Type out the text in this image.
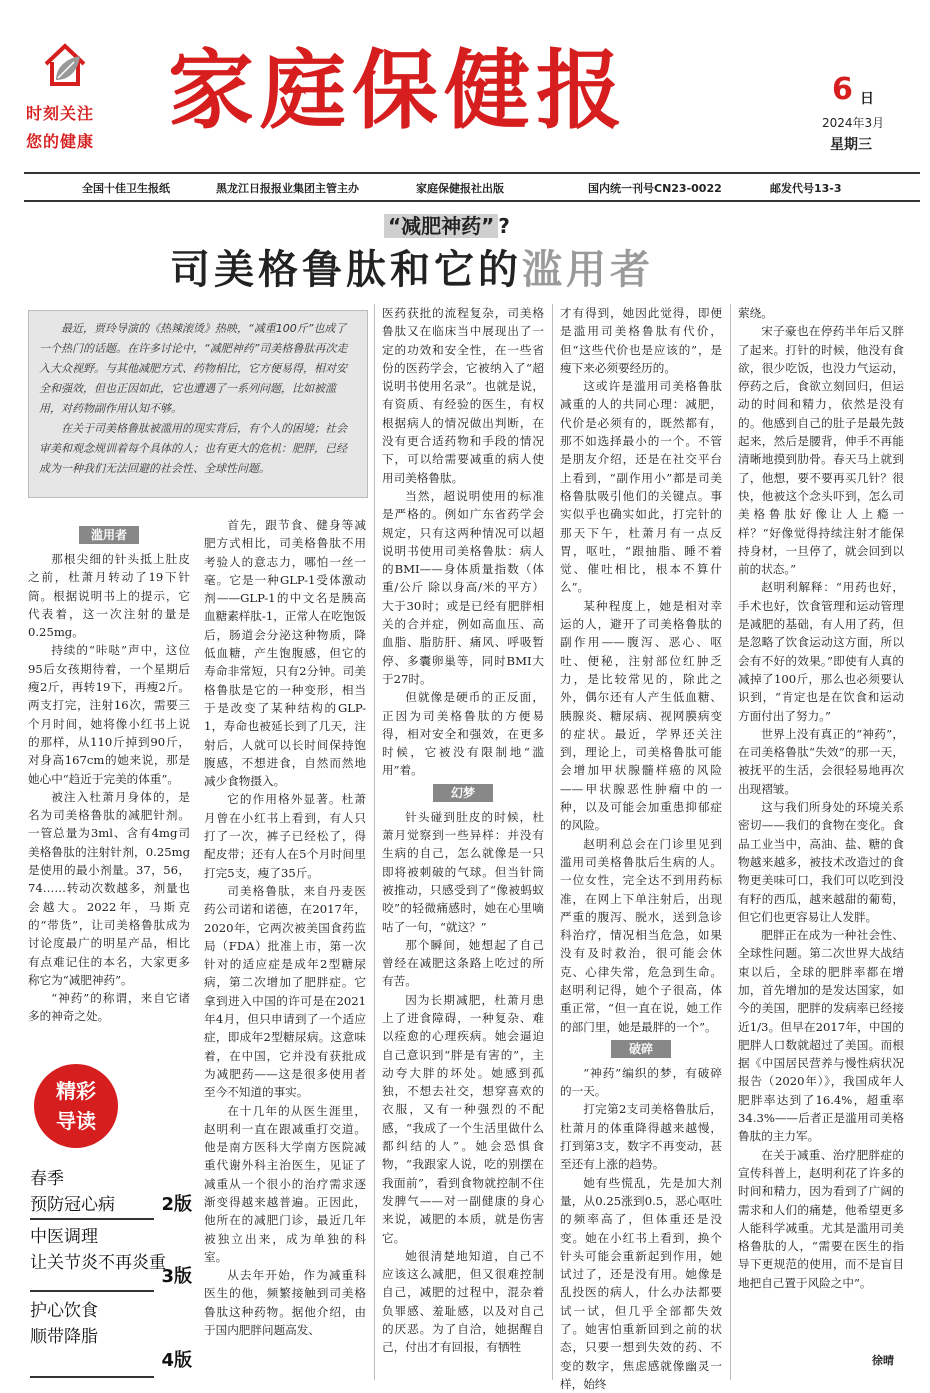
时刻关注
您的健康
家庭保健报	6 日
2024年3月
星期三
全国十佳卫生报纸	黑龙江日报报业集团主管主办	家庭保健报社出版	国内统一刊号CN23-0022	邮发代号13-3
“减肥神药” ?
司美格鲁肽和它的滥用者

最近，贾玲导演的《热辣滚烫》热映，“减重100斤”也成了一个热门的话题。在许多讨论中，“减肥神药”司美格鲁肽再次走入大众视野。与其他减肥方式、药物相比，它方便易得，相对安全和强效，但也正因如此，它也遭遇了一系列问题，比如被滥用，对药物副作用认知不够。

在关于司美格鲁肽被滥用的现实背后，有个人的困境；社会审美和观念规训着每个具体的人；也有更大的危机：肥胖，已经成为一种我们无法回避的社会性、全球性问题。

滥用者

那根尖细的针头抵上肚皮之前，杜萧月转动了19下针筒。根据说明书上的提示，它代表着，这一次注射的量是0.25mg。

持续的“咔哒”声中，这位95后女孩期待着，一个星期后瘦2斤，再转19下，再瘦2斤。两支打完，注射16次，需要三个月时间，她将像小红书上说的那样，从110斤掉到90斤，对身高167cm的她来说，那是她心中“趋近于完美的体重”。

被注入杜萧月身体的，是名为司美格鲁肽的减肥针剂。一管总量为3ml、含有4mg司美格鲁肽的注射针剂，0.25mg是使用的最小剂量。37，56，74……转动次数越多，剂量也会越大。2022年，马斯克的“带货”，让司美格鲁肽成为讨论度最广的明星产品，相比有点难记住的本名，大家更多称它为“减肥神药”。

“神药”的称谓，来自它诸多的神奇之处。

精彩
导读
春季
预防冠心病	2版
中医调理
让关节炎不再炎重
3版
护心饮食
顺带降脂
4版

首先，跟节食、健身等减肥方式相比，司美格鲁肽不用考验人的意志力，哪怕一丝一毫。它是一种GLP-1受体激动剂——GLP-1的中文名是胰高血糖素样肽-1，正常人在吃饱饭后，肠道会分泌这种物质，降低血糖，产生饱腹感，但它的寿命非常短，只有2分钟。司美格鲁肽是它的一种变形，相当于是改变了某种结构的GLP-1，寿命也被延长到了几天，注射后，人就可以长时间保持饱腹感，不想进食，自然而然地减少食物摄入。

它的作用格外显著。杜萧月曾在小红书上看到，有人只打了一次，裤子已经松了，得配皮带；还有人在5个月时间里打完5支，瘦了35斤。

司美格鲁肽，来自丹麦医药公司诺和诺德，在2017年，2020年，它两次被美国食药监局（FDA）批准上市，第一次针对的适应症是成年2型糖尿病，第二次增加了肥胖症。它拿到进入中国的许可是在2021年4月，但只申请到了一个适应症，即成年2型糖尿病。这意味着，在中国，它并没有获批成为减肥药——这是很多使用者至今不知道的事实。

在十几年的从医生涯里，赵明利一直在跟减重打交道。他是南方医科大学南方医院减重代谢外科主治医生，见证了减重从一个很小的治疗需求逐渐变得越来越普遍。正因此，他所在的减肥门诊，最近几年被独立出来，成为单独的科室。

从去年开始，作为减重科医生的他，频繁接触到司美格鲁肽这种药物。据他介绍，由于国内肥胖问题高发、

医药获批的流程复杂，司美格鲁肽又在临床当中展现出了一定的功效和安全性，在一些省份的医药学会，它被纳入了“超说明书使用名录”。也就是说，有资质、有经验的医生，有权根据病人的情况做出判断，在没有更合适药物和手段的情况下，可以给需要减重的病人使用司美格鲁肽。

当然，超说明使用的标准是严格的。例如广东省药学会规定，只有这两种情况可以超说明书使用司美格鲁肽：病人的BMI——身体质量指数（体重/公斤 除以身高/米的平方）大于30时；或是已经有肥胖相关的合并症，例如高血压、高血脂、脂肪肝、痛风、呼吸暂停、多囊卵巢等，同时BMI大于27时。

但就像是硬币的正反面，正因为司美格鲁肽的方便易得，相对安全和强效，在更多时候，它被没有限制地“滥用”着。

幻梦

针头碰到肚皮的时候，杜萧月觉察到一些异样：并没有生病的自己，怎么就像是一只即将被刺破的气球。但当针筒被推动，只感受到了“像被蚂蚁咬”的轻微痛感时，她在心里嘀咕了一句，“就这？”

那个瞬间，她想起了自己曾经在减肥这条路上吃过的所有苦。

因为长期减肥，杜萧月患上了进食障碍，一种复杂、难以痊愈的心理疾病。她会逼迫自己意识到“胖是有害的”，主动夸大胖的坏处。她感到孤独，不想去社交，想穿喜欢的衣服，又有一种强烈的不配感，“我成了一个生活里做什么都纠结的人”。她会恐惧食物，“我跟家人说，吃的别摆在我面前”，看到食物就控制不住发脾气——对一副健康的身心来说，减肥的本质，就是伤害它。

她很清楚地知道，自己不应该这么减肥，但又很难控制自己，减肥的过程中，混杂着负罪感、羞耻感，以及对自己的厌恶。为了自洽，她据醒自己，付出才有回报，有牺牲

才有得到，她因此觉得，即便是滥用司美格鲁肽有代价，但“这些代价也是应该的”，是瘦下来必须要经历的。

这或许是滥用司美格鲁肽减重的人的共同心理：减肥，代价是必须有的，既然都有，那不如选择最小的一个。不管是朋友介绍，还是在社交平台上看到，“副作用小”都是司美格鲁肽吸引他们的关键点。事实似乎也确实如此，打完针的那天下午，杜萧月有一点反胃，呕吐，“跟抽脂、睡不着觉、催吐相比，根本不算什么”。

某种程度上，她是相对幸运的人，避开了司美格鲁肽的副作用——腹泻、恶心、呕吐、便秘，注射部位红肿乏力，是比较常见的，除此之外，偶尔还有人产生低血糖、胰腺炎、糖尿病、视网膜病变的症状。最近，学界还关注到，理论上，司美格鲁肽可能会增加甲状腺髓样癌的风险——甲状腺恶性肿瘤中的一种，以及可能会加重患抑郁症的风险。

赵明利总会在门诊里见到滥用司美格鲁肽后生病的人。一位女性，完全达不到用药标准，在网上下单注射后，出现严重的腹泻、脱水，送到急诊科治疗，情况相当危急，如果没有及时救治，很可能会休克、心律失常，危急到生命。赵明利记得，她个子很高，体重正常，“但一直在说，她工作的部门里，她是最胖的一个”。

破碎

“神药”编织的梦，有破碎的一天。

打完第2支司美格鲁肽后，杜萧月的体重降得越来越慢，打到第3支，数字不再变动，甚至还有上涨的趋势。

她有些慌乱，先是加大剂量，从0.25涨到0.5，恶心呕吐的频率高了，但体重还是没变。她在小红书上看到，换个针头可能会重新起到作用，她试过了，还是没有用。她像是乱投医的病人，什么办法都要试一试，但几乎全部都失效了。她害怕重新回到之前的状态，只要一想到失效的药、不变的数字，焦虑感就像幽灵一样，始终

萦绕。

宋子豪也在停药半年后又胖了起来。打针的时候，他没有食欲，很少吃饭，也没力气运动，停药之后，食欲立刻回归，但运动的时间和精力，依然是没有的。他感到自己的肚子是最先鼓起来，然后是腰背，伸手不再能清晰地摸到肋骨。春天马上就到了，他想，要不要再买几针？很快，他被这个念头吓到，怎么司美格鲁肽好像让人上瘾一样？“好像觉得持续注射才能保持身材，一旦停了，就会回到以前的状态。”

赵明利解释：“用药也好，手术也好，饮食管理和运动管理是减肥的基础，有人用了药，但是忽略了饮食运动这方面，所以会有不好的效果。”即使有人真的减掉了100斤，那么也必须要认识到，“肯定也是在饮食和运动方面付出了努力。”

世界上没有真正的“神药”，在司美格鲁肽“失效”的那一天，被抚平的生活，会很轻易地再次出现褶皱。

这与我们所身处的环境关系密切——我们的食物在变化。食品工业当中，高油、盐、糖的食物越来越多，被技术改造过的食物更美味可口，我们可以吃到没有籽的西瓜，越来越甜的葡萄，但它们也更容易让人发胖。

肥胖正在成为一种社会性、全球性问题。第二次世界大战结束以后，全球的肥胖率都在增加，首先增加的是发达国家，如今的美国，肥胖的发病率已经接近1/3。但早在2017年，中国的肥胖人口数就超过了美国。而根据《中国居民营养与慢性病状况报告（2020年）》，我国成年人肥胖率达到了16.4%，超重率34.3%——后者正是滥用司美格鲁肽的主力军。

在关于减重、治疗肥胖症的宣传科普上，赵明利花了许多的时间和精力，因为看到了广阔的需求和人们的痛楚，他希望更多人能科学减重。尤其是滥用司美格鲁肽的人，“需要在医生的指导下更规范的使用，而不是盲目地把自己置于风险之中”。

徐晴
